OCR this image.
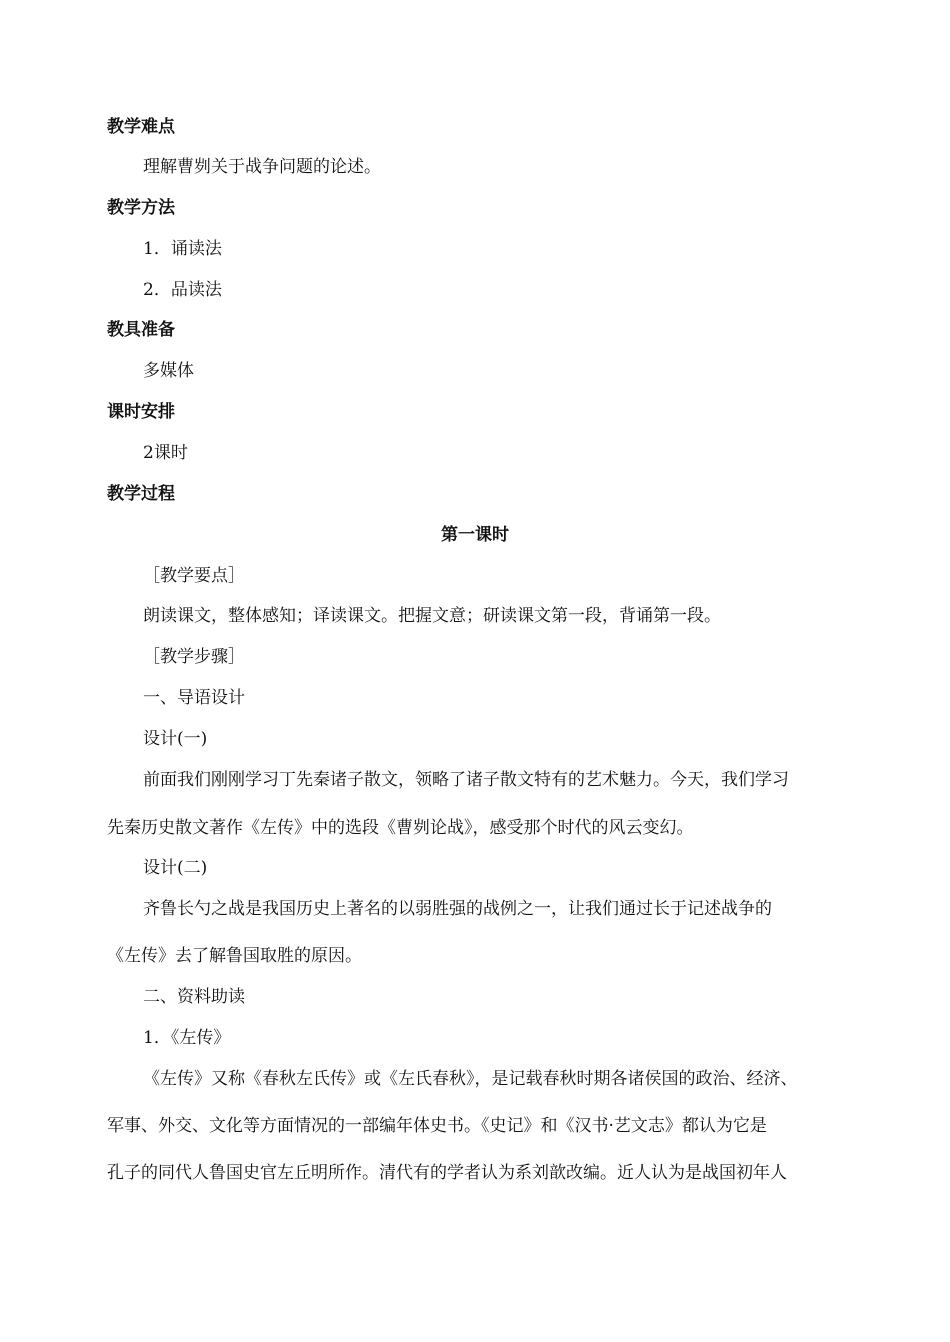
教学难点
理解曹刿关于战争问题的论述。
教学方法
1．诵读法
2．品读法
教具准备
多媒体
课时安排
2课时
教学过程
第一课时
［教学要点］
朗读课文，整体感知；译读课文。把握文意；研读课文第一段，背诵第一段。
［教学步骤］
一、导语设计
设计(一)
前面我们刚刚学习丁先秦诸子散文，领略了诸子散文特有的艺术魅力。今天，我们学习
先秦历史散文著作《左传》中的选段《曹刿论战》，感受那个时代的风云变幻。
设计(二)
齐鲁长勺之战是我国历史上著名的以弱胜强的战例之一，让我们通过长于记述战争的
《左传》去了解鲁国取胜的原因。
二、资料助读
1．《左传》
《左传》又称《春秋左氏传》或《左氏春秋》，是记载春秋时期各诸侯国的政治、经济、
军事、外交、文化等方面情况的一部编年体史书。《史记》和《汉书·艺文志》都认为它是
孔子的同代人鲁国史官左丘明所作。清代有的学者认为系刘歆改编。近人认为是战国初年人
